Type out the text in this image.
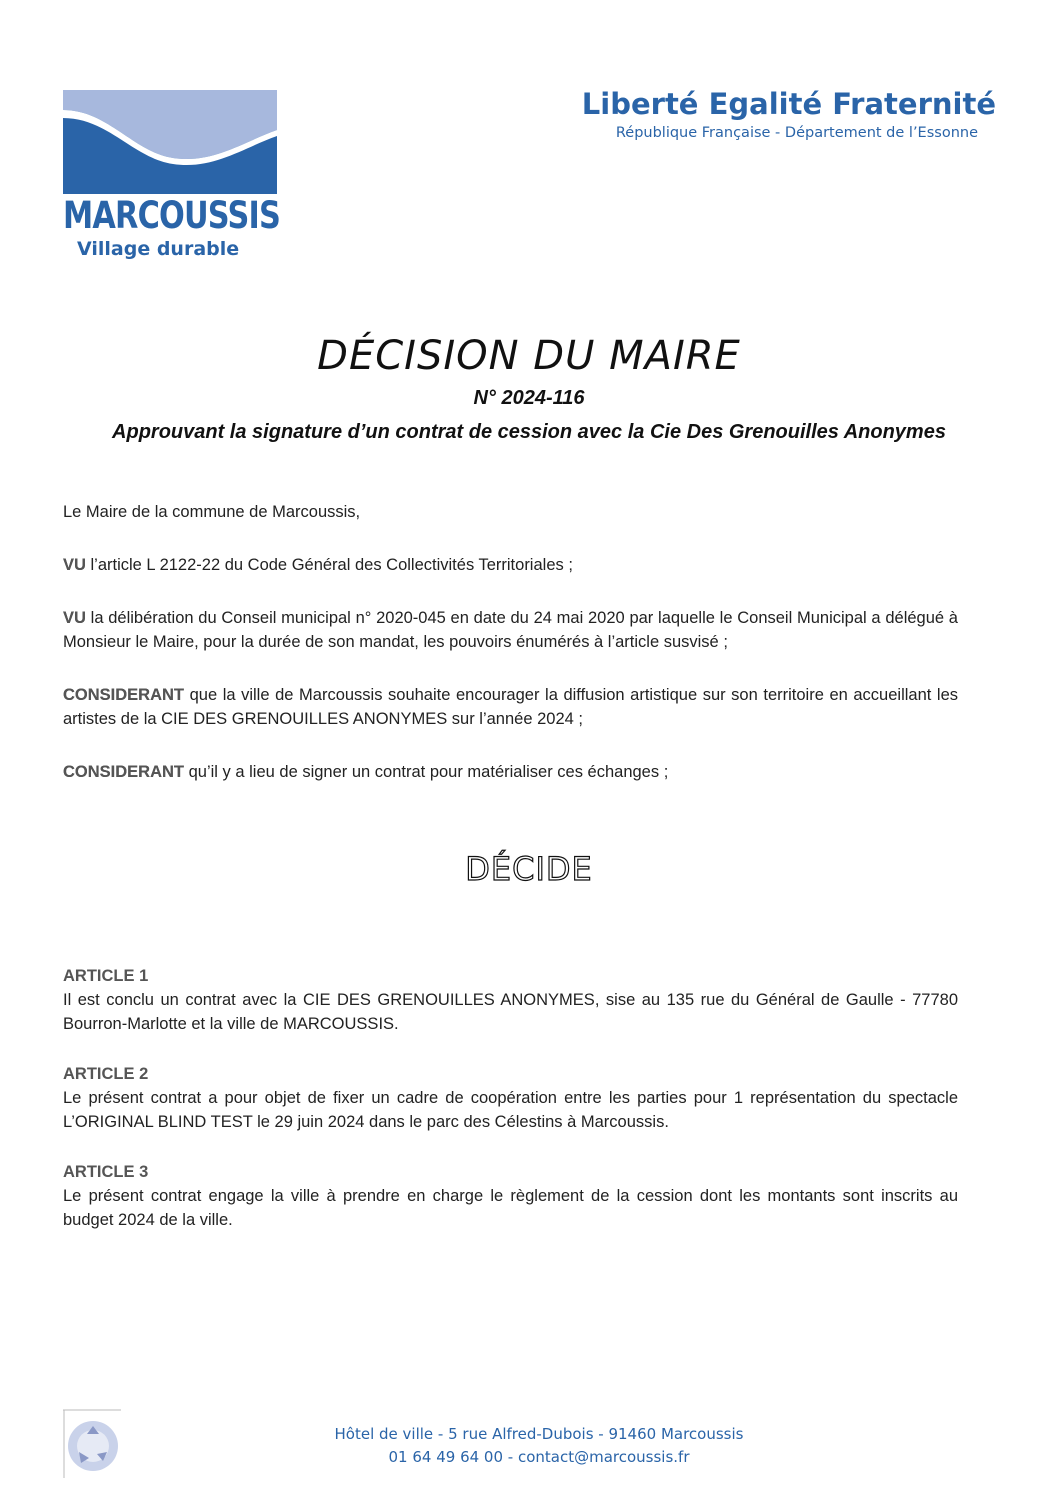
MARCOUSSIS
Village durable
Liberté Egalité Fraternité
République Française - Département de l’Essonne
DÉCISION DU MAIRE
N° 2024-116
Approuvant la signature d’un contrat de cession avec la Cie Des Grenouilles Anonymes

Le Maire de la commune de Marcoussis,

VU l’article L 2122-22 du Code Général des Collectivités Territoriales ;

VU la délibération du Conseil municipal n° 2020-045 en date du 24 mai 2020 par laquelle le Conseil Municipal a délégué à Monsieur le Maire, pour la durée de son mandat, les pouvoirs énumérés à l’article susvisé ;

CONSIDERANT que la ville de Marcoussis souhaite encourager la diffusion artistique sur son territoire en accueillant les artistes de la CIE DES GRENOUILLES ANONYMES sur l’année 2024 ;

CONSIDERANT qu’il y a lieu de signer un contrat pour matérialiser ces échanges ;

DÉCIDE
ARTICLE 1

Il est conclu un contrat avec la CIE DES GRENOUILLES ANONYMES, sise au 135 rue du Général de Gaulle - 77780 Bourron-Marlotte et la ville de MARCOUSSIS.

ARTICLE 2

Le présent contrat a pour objet de fixer un cadre de coopération entre les parties pour 1 représentation du spectacle L’ORIGINAL BLIND TEST le 29 juin 2024 dans le parc des Célestins à Marcoussis.

ARTICLE 3

Le présent contrat engage la ville à prendre en charge le règlement de la cession dont les montants sont inscrits au budget 2024 de la ville.

Hôtel de ville - 5 rue Alfred-Dubois - 91460 Marcoussis
01 64 49 64 00 - contact@marcoussis.fr
